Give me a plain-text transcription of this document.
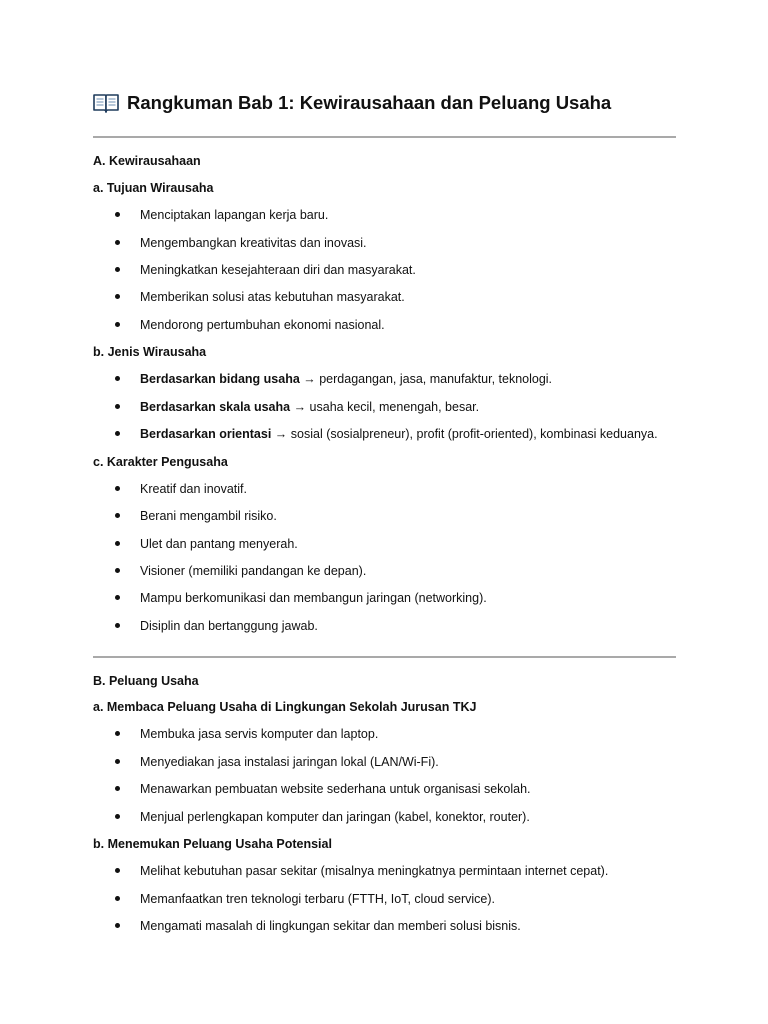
Rangkuman Bab 1: Kewirausahaan dan Peluang Usaha
A. Kewirausahaan
a. Tujuan Wirausaha
Menciptakan lapangan kerja baru.
Mengembangkan kreativitas dan inovasi.
Meningkatkan kesejahteraan diri dan masyarakat.
Memberikan solusi atas kebutuhan masyarakat.
Mendorong pertumbuhan ekonomi nasional.
b. Jenis Wirausaha
Berdasarkan bidang usaha → perdagangan, jasa, manufaktur, teknologi.
Berdasarkan skala usaha → usaha kecil, menengah, besar.
Berdasarkan orientasi → sosial (sosialpreneur), profit (profit-oriented), kombinasi keduanya.
c. Karakter Pengusaha
Kreatif dan inovatif.
Berani mengambil risiko.
Ulet dan pantang menyerah.
Visioner (memiliki pandangan ke depan).
Mampu berkomunikasi dan membangun jaringan (networking).
Disiplin dan bertanggung jawab.
B. Peluang Usaha
a. Membaca Peluang Usaha di Lingkungan Sekolah Jurusan TKJ
Membuka jasa servis komputer dan laptop.
Menyediakan jasa instalasi jaringan lokal (LAN/Wi-Fi).
Menawarkan pembuatan website sederhana untuk organisasi sekolah.
Menjual perlengkapan komputer dan jaringan (kabel, konektor, router).
b. Menemukan Peluang Usaha Potensial
Melihat kebutuhan pasar sekitar (misalnya meningkatnya permintaan internet cepat).
Memanfaatkan tren teknologi terbaru (FTTH, IoT, cloud service).
Mengamati masalah di lingkungan sekitar dan memberi solusi bisnis.
